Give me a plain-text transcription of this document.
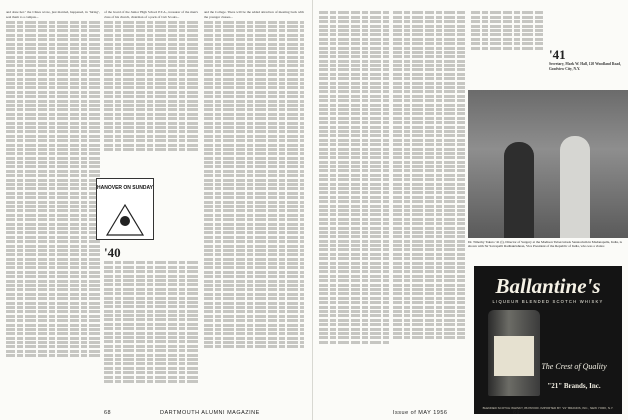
and done her." the Clines wrote, just married, happened, in ’hiring’, seal them to a campus...

of the board of the Junior High School P.T.A., treasurer of the men's class of his church, chairman of a pack of Cub Scouts...

HANOVER ON SUNDAY
'40

and the College. There will be the added attraction of meeting back with the younger classes...

68	DARTMOUTH ALUMNI MAGAZINE
'41

Secretary, Mark W. Hall, 120 Woodland Road, Goodview City, N.Y.

Dr. Timothy Takaro '41 (l), Director of Surgery at the Madison Tuberculosis Sanatorium in Madanapalle, India, is shown with Sir Sarvepalli Radhakrishnan, Vice President of the Republic of India, who was a visitor.
Ballantine's
LIQUEUR BLENDED SCOTCH WHISKY
The Crest of Quality
"21" Brands, Inc.
BLENDED SCOTCH WHISKY, 86 PROOF. IMPORTED BY "21" BRANDS, INC., NEW YORK, N.Y.
Issue of MAY 1956	69
